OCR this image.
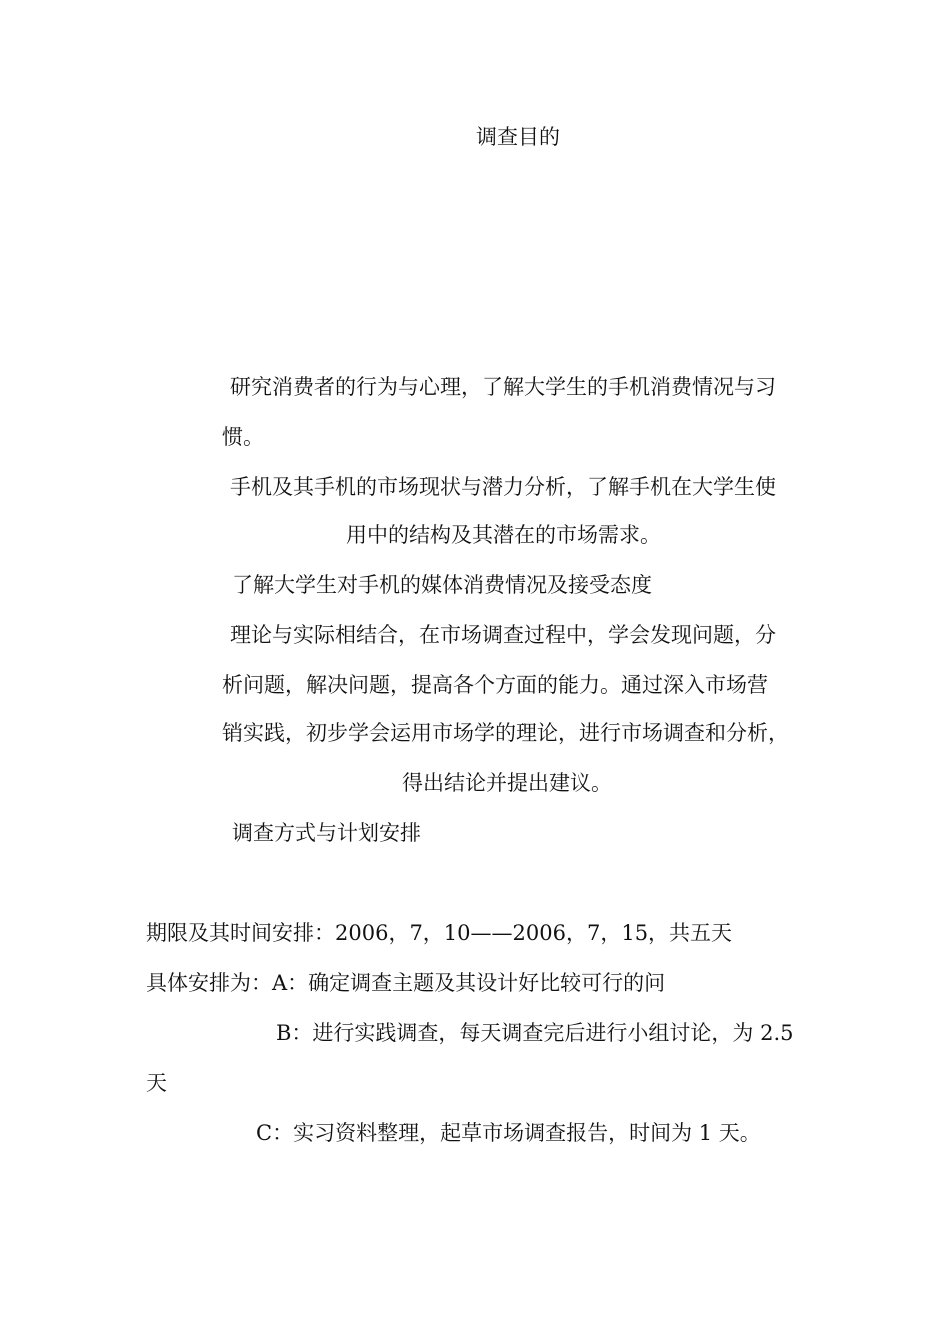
调查目的
研究消费者的行为与心理，了解大学生的手机消费情况与习
惯。
手机及其手机的市场现状与潜力分析，了解手机在大学生使
用中的结构及其潜在的市场需求。
了解大学生对手机的媒体消费情况及接受态度
理论与实际相结合，在市场调查过程中，学会发现问题，分
析问题，解决问题，提高各个方面的能力。通过深入市场营
销实践，初步学会运用市场学的理论，进行市场调查和分析，
得出结论并提出建议。
调查方式与计划安排
期限及其时间安排：2006，7，10——2006，7，15，共五天
具体安排为：A：确定调查主题及其设计好比较可行的问
B：进行实践调查，每天调查完后进行小组讨论，为 2.5
天
C：实习资料整理，起草市场调查报告，时间为 1 天。
